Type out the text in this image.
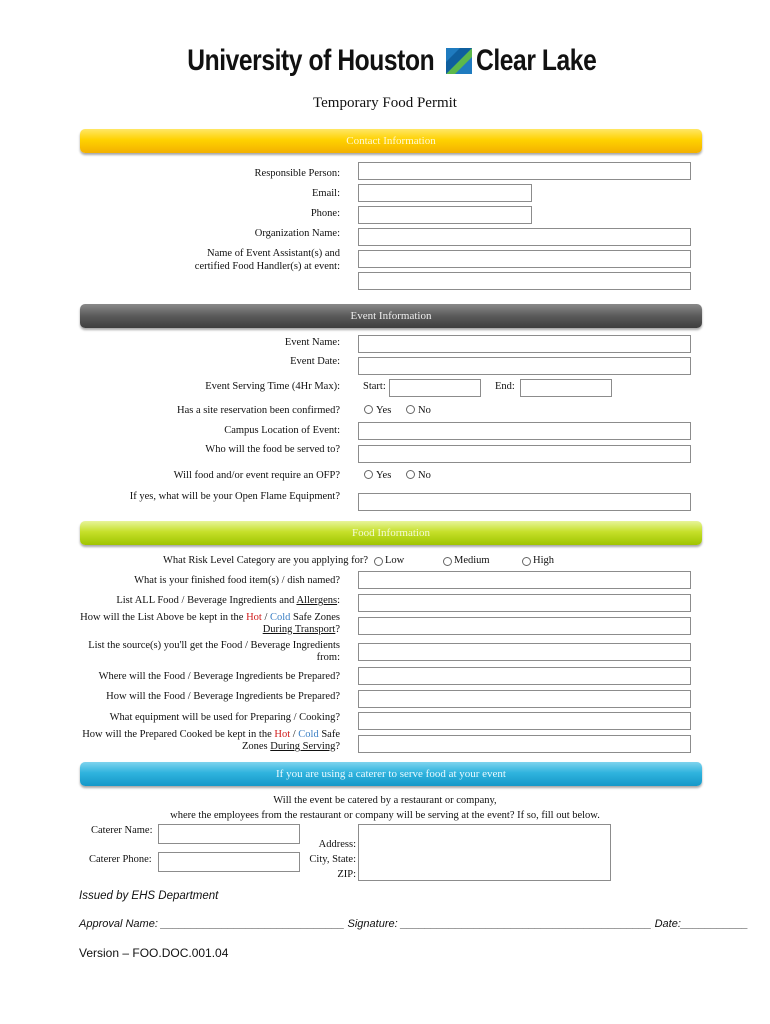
University of Houston Clear Lake
Temporary Food Permit
Contact Information
Responsible Person:
Email:
Phone:
Organization Name:
Name of Event Assistant(s) and
certified Food Handler(s) at event:
Event Information
Event Name:
Event Date:
Event Serving Time (4Hr Max): Start:	End:
Has a site reservation been confirmed?	Yes	No
Campus Location of Event:
Who will the food be served to?
Will food and/or event require an OFP?	Yes	No
If yes, what will be your Open Flame Equipment?
Food Information
What Risk Level Category are you applying for? Low	Medium	High
What is your finished food item(s) / dish named?
List ALL Food / Beverage Ingredients and Allergens:
How will the List Above be kept in the Hot / Cold Safe Zones
During Transport?
List the source(s) you'll get the Food / Beverage Ingredients
from:
Where will the Food / Beverage Ingredients be Prepared?
How will the Food / Beverage Ingredients be Prepared?
What equipment will be used for Preparing / Cooking?
How will the Prepared Cooked be kept in the Hot / Cold Safe
Zones During Serving?
If you are using a caterer to serve food at your event
Will the event be catered by a restaurant or company,
where the employees from the restaurant or company will be serving at the event? If so, fill out below.
Caterer Name:
Caterer Phone:
Address:
City, State:
ZIP:
Issued by EHS Department
Approval Name: ______________________________ Signature: _________________________________________ Date:___________
Version – FOO.DOC.001.04
